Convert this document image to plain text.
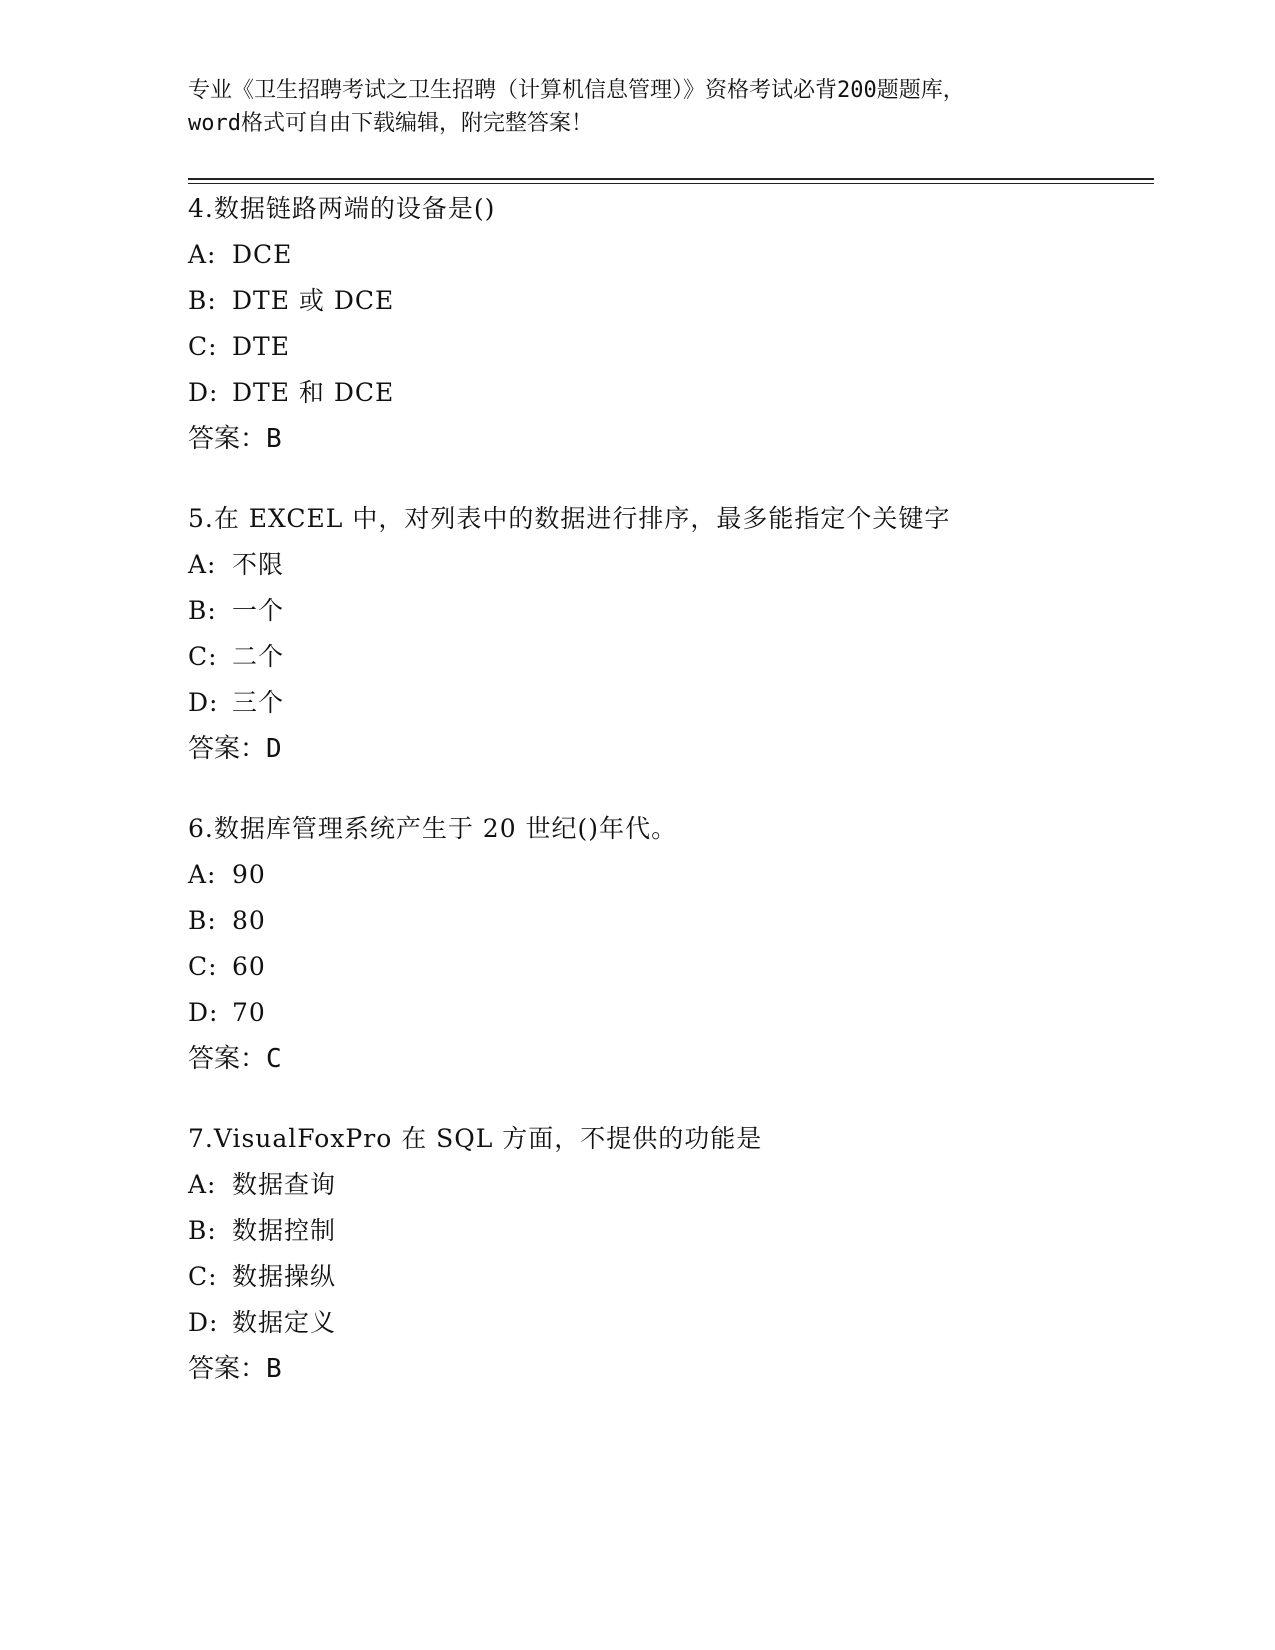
专业《卫生招聘考试之卫生招聘（计算机信息管理）》资格考试必背200题题库，
word格式可自由下载编辑，附完整答案！
4.数据链路两端的设备是()
A: DCE
B: DTE 或 DCE
C: DTE
D: DTE 和 DCE
答案：B
5.在 EXCEL 中，对列表中的数据进行排序，最多能指定个关键字
A: 不限
B: 一个
C: 二个
D: 三个
答案：D
6.数据库管理系统产生于 20 世纪()年代。
A: 90
B: 80
C: 60
D: 70
答案：C
7.VisualFoxPro 在 SQL 方面，不提供的功能是
A: 数据查询
B: 数据控制
C: 数据操纵
D: 数据定义
答案：B
